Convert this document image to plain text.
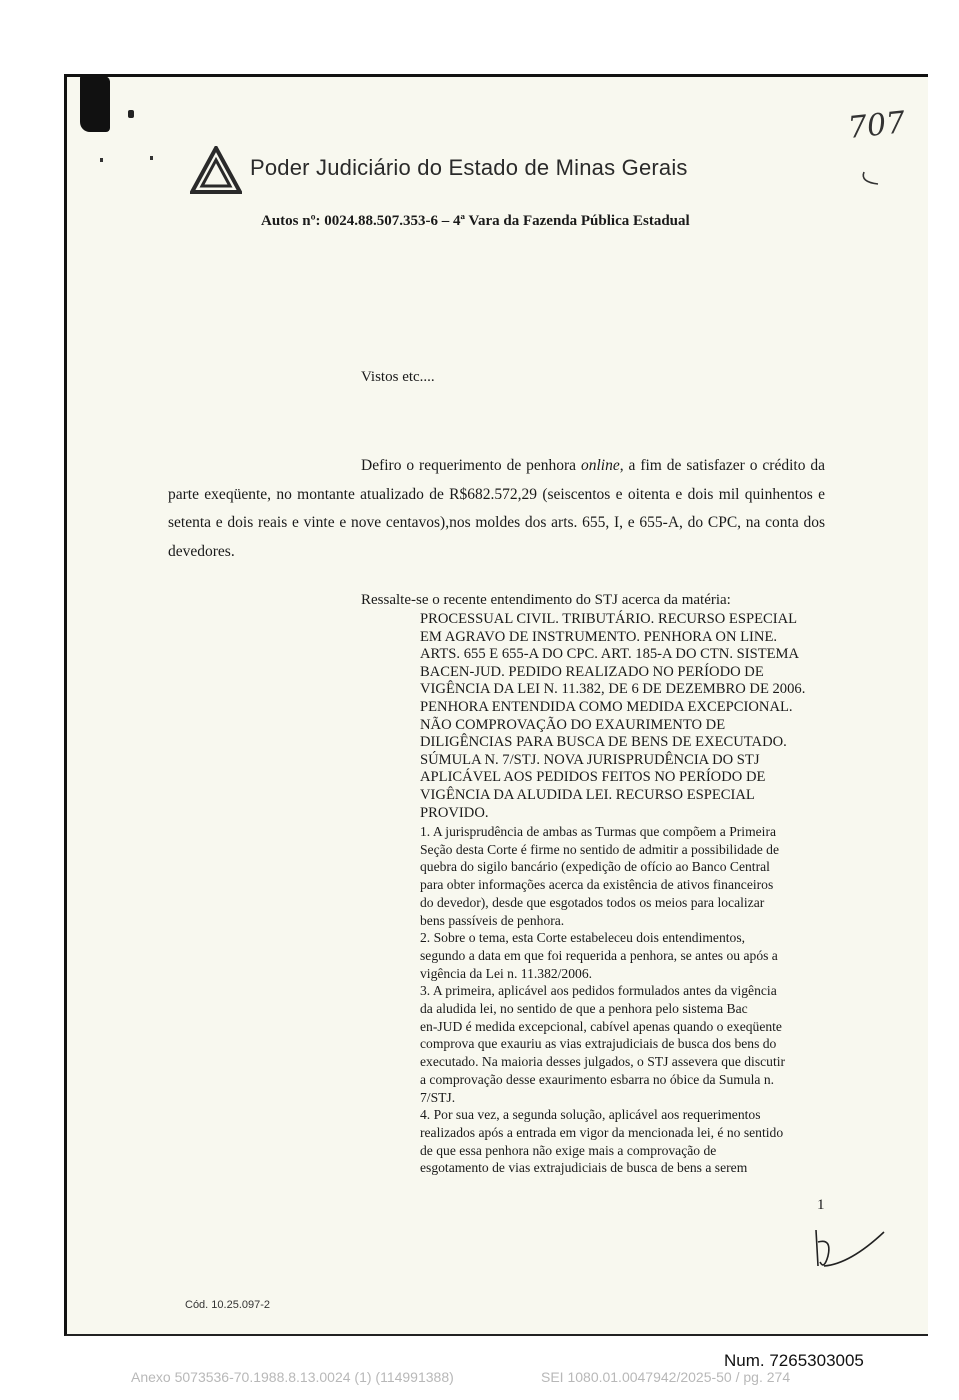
Poder Judiciário do Estado de Minas Gerais
Autos nº: 0024.88.507.353-6 – 4ª Vara da Fazenda Pública Estadual
707
Vistos etc....

Defiro o requerimento de penhora online, a fim de satisfazer o crédito da parte exeqüente, no montante atualizado de R$682.572,29 (seiscentos e oitenta e dois mil quinhentos e setenta e dois reais e vinte e nove centavos),nos moldes dos arts. 655, I, e 655-A, do CPC, na conta dos devedores.

Ressalte-se o recente entendimento do STJ acerca da matéria:
PROCESSUAL CIVIL. TRIBUTÁRIO. RECURSO ESPECIAL
EM AGRAVO DE INSTRUMENTO. PENHORA ON LINE.
ARTS. 655 E 655-A DO CPC. ART. 185-A DO CTN. SISTEMA
BACEN-JUD. PEDIDO REALIZADO NO PERÍODO DE
VIGÊNCIA DA LEI N. 11.382, DE 6 DE DEZEMBRO DE 2006.
PENHORA ENTENDIDA COMO MEDIDA EXCEPCIONAL.
NÃO COMPROVAÇÃO DO EXAURIMENTO DE
DILIGÊNCIAS PARA BUSCA DE BENS DE EXECUTADO.
SÚMULA N. 7/STJ. NOVA JURISPRUDÊNCIA DO STJ
APLICÁVEL AOS PEDIDOS FEITOS NO PERÍODO DE
VIGÊNCIA DA ALUDIDA LEI. RECURSO ESPECIAL
PROVIDO.
1. A jurisprudência de ambas as Turmas que compõem a Primeira
Seção desta Corte é firme no sentido de admitir a possibilidade de
quebra do sigilo bancário (expedição de ofício ao Banco Central
para obter informações acerca da existência de ativos financeiros
do devedor), desde que esgotados todos os meios para localizar
bens passíveis de penhora.
2. Sobre o tema, esta Corte estabeleceu dois entendimentos,
segundo a data em que foi requerida a penhora, se antes ou após a
vigência da Lei n. 11.382/2006.
3. A primeira, aplicável aos pedidos formulados antes da vigência
da aludida lei, no sentido de que a penhora pelo sistema Bac
en-JUD é medida excepcional, cabível apenas quando o exeqüente
comprova que exauriu as vias extrajudiciais de busca dos bens do
executado. Na maioria desses julgados, o STJ assevera que discutir
a comprovação desse exaurimento esbarra no óbice da Sumula n.
7/STJ.
4. Por sua vez, a segunda solução, aplicável aos requerimentos
realizados após a entrada em vigor da mencionada lei, é no sentido
de que essa penhora não exige mais a comprovação de
esgotamento de vias extrajudiciais de busca de bens a serem
1
Cód. 10.25.097-2
Num. 7265303005
Anexo 5073536-70.1988.8.13.0024 (1) (114991388)	SEI 1080.01.0047942/2025-50 / pg. 274
